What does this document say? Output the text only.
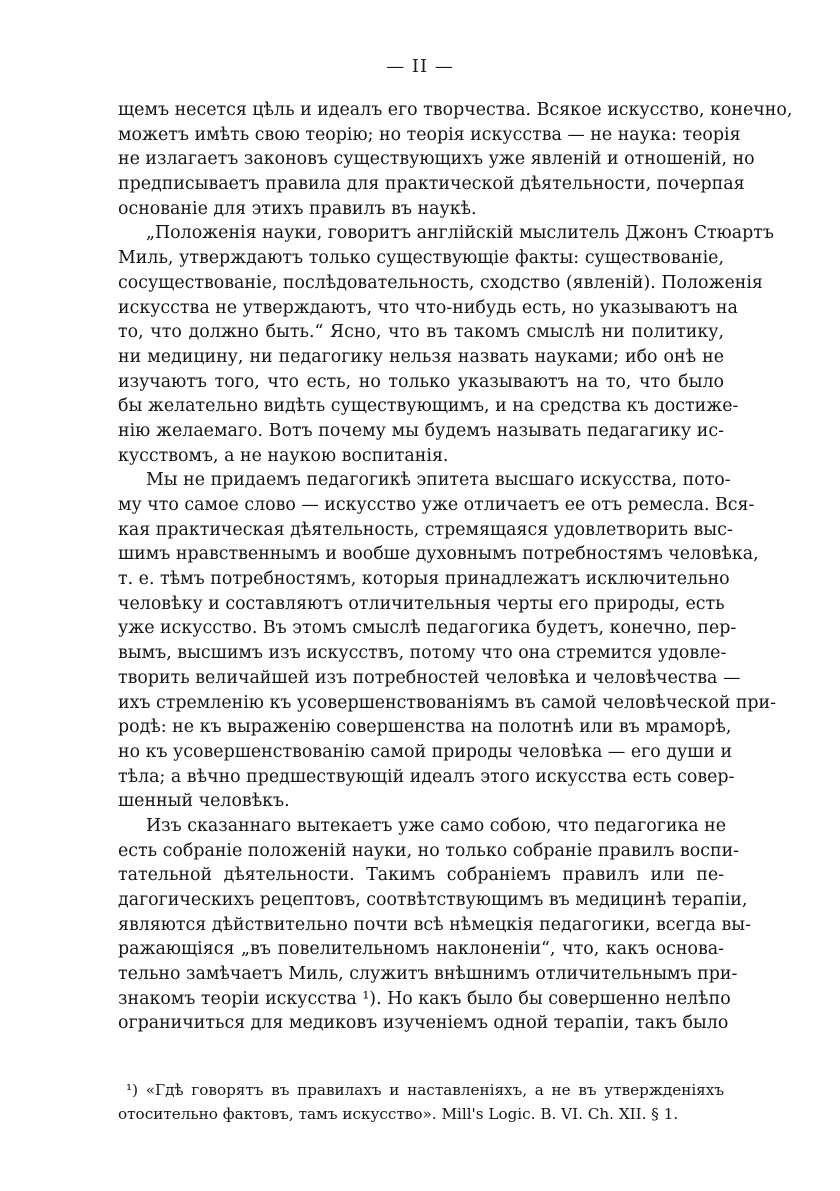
— II —
щемъ несется цѣль и идеалъ его творчества. Всякое искусство, конечно,
можетъ имѣть свою теорію; но теорія искусства — не наука: теорія
не излагаетъ законовъ существующихъ уже явленій и отношеній, но
предписываетъ правила для практической дѣятельности, почерпая
основаніе для этихъ правилъ въ наукѣ.
„Положенія науки, говоритъ англійскій мыслитель Джонъ Стюартъ
Миль, утверждаютъ только существующіе факты: существованіе,
сосуществованіе, послѣдовательность, сходство (явленій). Положенія
искусства не утверждаютъ, что что-нибудь есть, но указываютъ на
то, что должно быть.“ Ясно, что въ такомъ смыслѣ ни политику,
ни медицину, ни педагогику нельзя назвать науками; ибо онѣ не
изучаютъ того, что есть, но только указываютъ на то, что было
бы желательно видѣть существующимъ, и на средства къ достиже-
нію желаемаго. Вотъ почему мы будемъ называть педагагику ис-
кусствомъ, а не наукою воспитанія.
Мы не придаемъ педагогикѣ эпитета высшаго искусства, пото-
му что самое слово — искусство уже отличаетъ ее отъ ремесла. Вся-
кая практическая дѣятельность, стремящаяся удовлетворить выс-
шимъ нравственнымъ и вообше духовнымъ потребностямъ человѣка,
т. е. тѣмъ потребностямъ, которыя принадлежатъ исключительно
человѣку и составляютъ отличительныя черты его природы, есть
уже искусство. Въ этомъ смыслѣ педагогика будетъ, конечно, пер-
вымъ, высшимъ изъ искусствъ, потому что она стремится удовле-
творить величайшей изъ потребностей человѣка и человѣчества —
ихъ стремленію къ усовершенствованіямъ въ самой человѣческой при-
родѣ: не къ выраженію совершенства на полотнѣ или въ мраморѣ,
но къ усовершенствованію самой природы человѣка — его души и
тѣла; а вѣчно предшествующій идеалъ этого искусства есть совер-
шенный человѣкъ.
Изъ сказаннаго вытекаетъ уже само собою, что педагогика не
есть собраніе положеній науки, но только собраніе правилъ воспи-
тательной дѣятельности. Такимъ собраніемъ правилъ или пе-
дагогическихъ рецептовъ, соотвѣтствующимъ въ медицинѣ терапіи,
являются дѣйствительно почти всѣ нѣмецкія педагогики, всегда вы-
ражающіяся „въ повелительномъ наклоненіи“, что, какъ основа-
тельно замѣчаетъ Миль, служитъ внѣшнимъ отличительнымъ при-
знакомъ теоріи искусства ¹). Но какъ было бы совершенно нелѣпо
ограничиться для медиковъ изученіемъ одной терапіи, такъ было
¹) «Гдѣ говорятъ въ правилахъ и наставленіяхъ, а не въ утвержденіяхъ
отосительно фактовъ, тамъ искусство». Mill's Logic. B. VI. Ch. XII. § 1.
